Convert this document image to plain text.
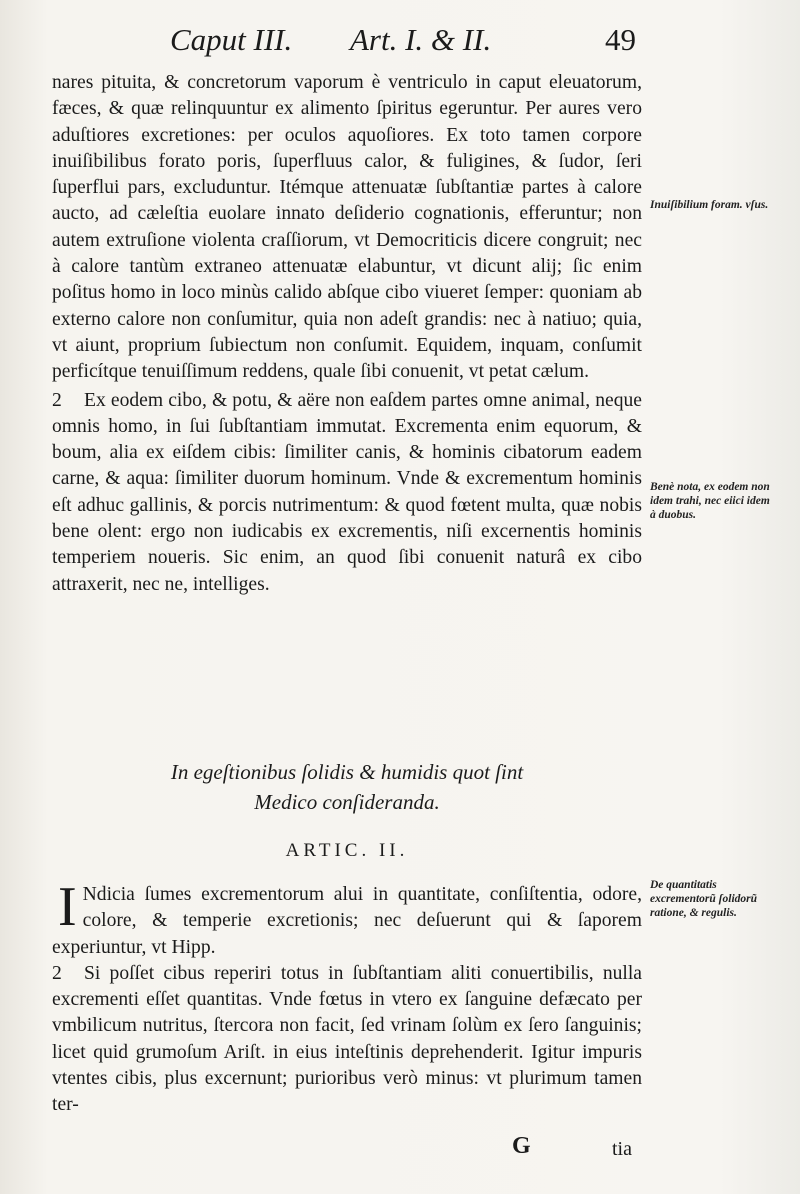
Caput III. Art. I. & II.	49

nares pituita, & concretorum vaporum è ventriculo in caput eleuatorum, fæces, & quæ relinquuntur ex alimento ſpiritus egeruntur. Per aures vero aduſtiores excretiones: per oculos aquoſiores. Ex toto tamen corpore inuiſibilibus forato poris, ſuperfluus calor, & fuligines, & ſudor, ſeri ſuperflui pars, excluduntur. Itémque attenuatæ ſubſtantiæ partes à calore aucto, ad cæleſtia euolare innato deſiderio cognationis, efferuntur; non autem extruſione violenta craſſiorum, vt Democriticis dicere congruit; nec à calore tantùm extraneo attenuatæ elabuntur, vt dicunt alij; ſic enim poſitus homo in loco minùs calido abſque cibo viueret ſemper: quoniam ab externo calore non conſumitur, quia non adeſt grandis: nec à natiuo; quia, vt aiunt, proprium ſubiectum non conſumit. Equidem, inquam, conſumit perficítque tenuiſſimum reddens, quale ſibi conuenit, vt petat cælum.

2 Ex eodem cibo, & potu, & aëre non eaſdem partes omne animal, neque omnis homo, in ſui ſubſtantiam immutat. Excrementa enim equorum, & boum, alia ex eiſdem cibis: ſimiliter canis, & hominis cibatorum eadem carne, & aqua: ſimiliter duorum hominum. Vnde & excrementum hominis eſt adhuc gallinis, & porcis nutrimentum: & quod fœtent multa, quæ nobis bene olent: ergo non iudicabis ex excrementis, niſi excernentis hominis temperiem noueris. Sic enim, an quod ſibi conuenit naturâ ex cibo attraxerit, nec ne, intelliges.

In egeſtionibus ſolidis & humidis quot ſint
Medico conſideranda.
ARTIC. II.

I Ndicia ſumes excrementorum alui in quantitate, conſiſtentia, odore, colore, & temperie excretionis; nec deſuerunt qui & ſaporem experiuntur, vt Hipp.

2 Si poſſet cibus reperiri totus in ſubſtantiam aliti conuertibilis, nulla excrementi eſſet quantitas. Vnde fœtus in vtero ex ſanguine defæcato per vmbilicum nutritus, ſtercora non facit, ſed vrinam ſolùm ex ſero ſanguinis; licet quid grumoſum Ariſt. in eius inteſtinis deprehenderit. Igitur impuris vtentes cibis, plus excernunt; purioribus verò minus: vt plurimum tamen ter-

Inuiſibilium foram. vſus.
Benè nota, ex eodem non idem trahi, nec eiici idem à duobus.
De quantitatis excrementorũ ſolidorũ ratione, & regulis.
G	tia
